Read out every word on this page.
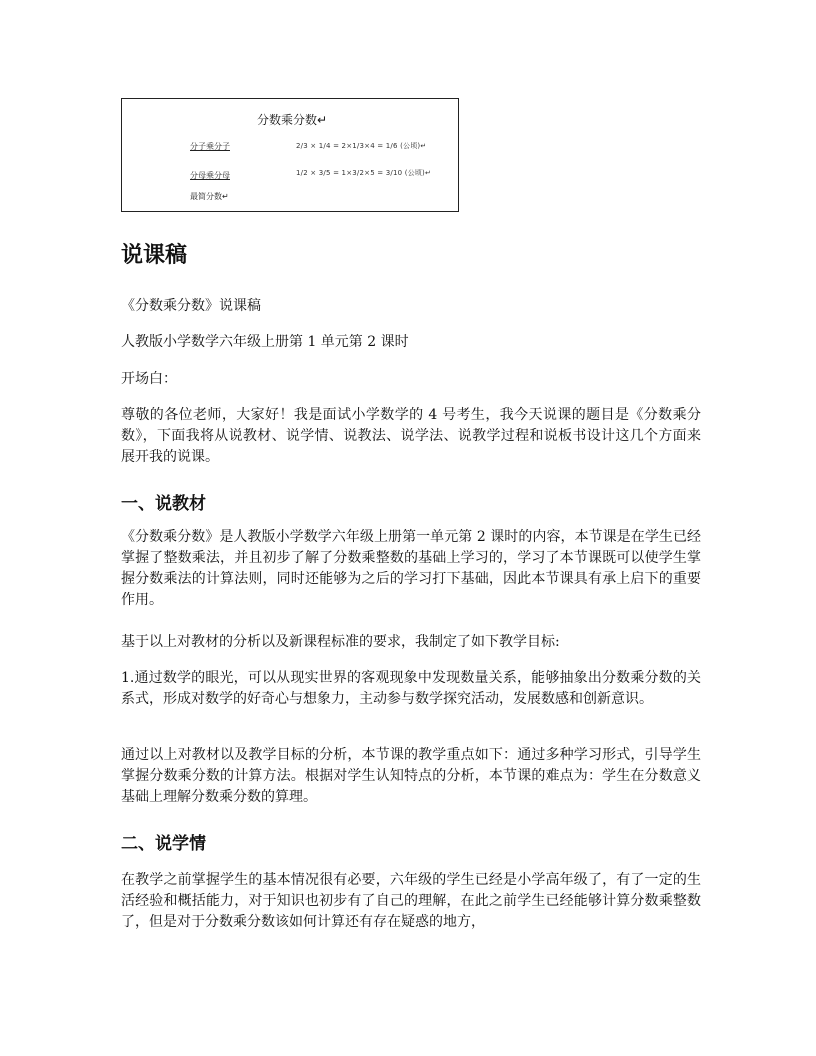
分数乘分数↵
分子乘分子	2/3 × 1/4 = 2×1/3×4 = 1/6 (公顷)↵
分母乘分母	1/2 × 3/5 = 1×3/2×5 = 3/10 (公顷)↵
最简分数↵
说课稿
《分数乘分数》说课稿
人教版小学数学六年级上册第 1 单元第 2 课时
开场白：
尊敬的各位老师，大家好！我是面试小学数学的 4 号考生，我今天说课的题目是《分数乘分数》，下面我将从说教材、说学情、说教法、说学法、说教学过程和说板书设计这几个方面来展开我的说课。
一、说教材
《分数乘分数》是人教版小学数学六年级上册第一单元第 2 课时的内容，本节课是在学生已经掌握了整数乘法，并且初步了解了分数乘整数的基础上学习的，学习了本节课既可以使学生掌握分数乘法的计算法则，同时还能够为之后的学习打下基础，因此本节课具有承上启下的重要作用。
基于以上对教材的分析以及新课程标准的要求，我制定了如下教学目标:
1.通过数学的眼光，可以从现实世界的客观现象中发现数量关系，能够抽象出分数乘分数的关系式，形成对数学的好奇心与想象力，主动参与数学探究活动，发展数感和创新意识。
通过以上对教材以及教学目标的分析，本节课的教学重点如下：通过多种学习形式，引导学生掌握分数乘分数的计算方法。根据对学生认知特点的分析，本节课的难点为：学生在分数意义基础上理解分数乘分数的算理。
二、说学情
在教学之前掌握学生的基本情况很有必要，六年级的学生已经是小学高年级了，有了一定的生活经验和概括能力，对于知识也初步有了自己的理解，在此之前学生已经能够计算分数乘整数了，但是对于分数乘分数该如何计算还有存在疑惑的地方，
